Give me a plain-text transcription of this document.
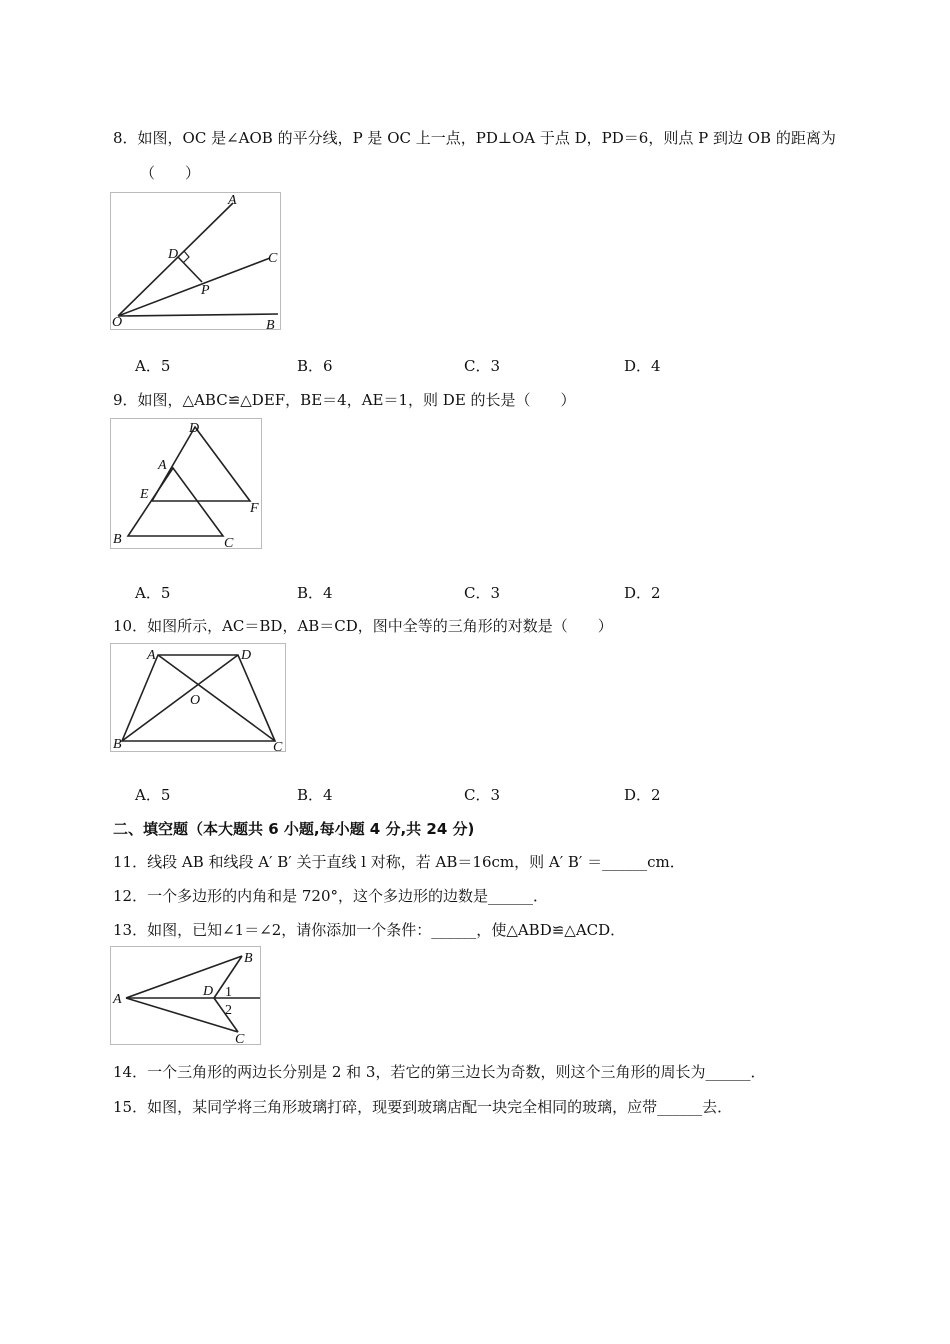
8．如图，OC 是∠AOB 的平分线，P 是 OC 上一点，PD⊥OA 于点 D，PD＝6，则点 P 到边 OB 的距离为
（　　）
A
C
D
P
O	B
A．5	B．6	C．3	D．4
9．如图，△ABC≌△DEF，BE＝4，AE＝1，则 DE 的长是（　　）
D
A
E
F
B	C
A．5	B．4	C．3	D．2
10．如图所示，AC＝BD，AB＝CD，图中全等的三角形的对数是（　　）
A	D
O
B	C
A．5	B．4	C．3	D．2
二、填空题（本大题共 6 小题,每小题 4 分,共 24 分)
11．线段 AB 和线段 A′ B′ 关于直线 l 对称，若 AB＝16cm，则 A′ B′ ＝______cm．
12．一个多边形的内角和是 720°，这个多边形的边数是______．
13．如图，已知∠1＝∠2，请你添加一个条件：______，使△ABD≌△ACD．
B
A
D 1
2
C
14．一个三角形的两边长分别是 2 和 3，若它的第三边长为奇数，则这个三角形的周长为______．
15．如图，某同学将三角形玻璃打碎，现要到玻璃店配一块完全相同的玻璃，应带______去．
